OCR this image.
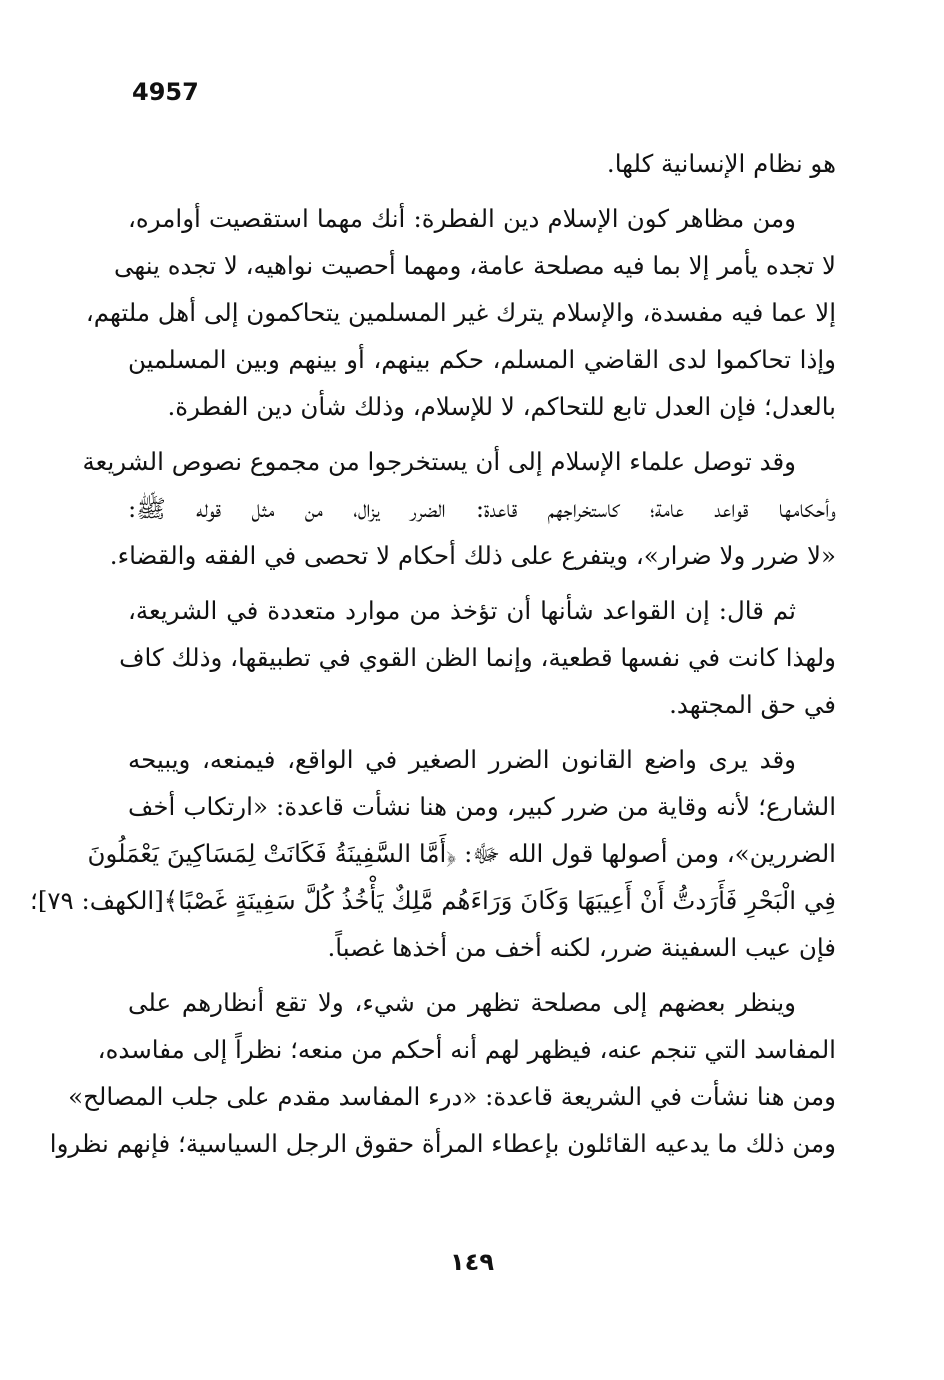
4957
هو نظام الإنسانية كلها.
ومن مظاهر كون الإسلام دين الفطرة: أنك مهما استقصيت أوامره،
لا تجده يأمر إلا بما فيه مصلحة عامة، ومهما أحصيت نواهيه، لا تجده ينهى
إلا عما فيه مفسدة، والإسلام يترك غير المسلمين يتحاكمون إلى أهل ملتهم،
وإذا تحاكموا لدى القاضي المسلم، حكم بينهم، أو بينهم وبين المسلمين
بالعدل؛ فإن العدل تابع للتحاكم، لا للإسلام، وذلك شأن دين الفطرة.
وقد توصل علماء الإسلام إلى أن يستخرجوا من مجموع نصوص الشريعة
وأحكامها قواعد عامة؛ كاستخراجهم قاعدة: الضرر يزال، من مثل قوله ﷺ:
«لا ضرر ولا ضرار»، ويتفرع على ذلك أحكام لا تحصى في الفقه والقضاء.
ثم قال: إن القواعد شأنها أن تؤخذ من موارد متعددة في الشريعة،
ولهذا كانت في نفسها قطعية، وإنما الظن القوي في تطبيقها، وذلك كاف
في حق المجتهد.
وقد يرى واضع القانون الضرر الصغير في الواقع، فيمنعه، ويبيحه
الشارع؛ لأنه وقاية من ضرر كبير، ومن هنا نشأت قاعدة: «ارتكاب أخف
الضررين»، ومن أصولها قول الله ﷻ: ﴿أَمَّا السَّفِينَةُ فَكَانَتْ لِمَسَاكِينَ يَعْمَلُونَ
فِي الْبَحْرِ فَأَرَدتُّ أَنْ أَعِيبَهَا وَكَانَ وَرَاءَهُم مَّلِكٌ يَأْخُذُ كُلَّ سَفِينَةٍ غَصْبًا﴾[الكهف: ٧٩]؛
فإن عيب السفينة ضرر، لكنه أخف من أخذها غصباً.
وينظر بعضهم إلى مصلحة تظهر من شيء، ولا تقع أنظارهم على
المفاسد التي تنجم عنه، فيظهر لهم أنه أحكم من منعه؛ نظراً إلى مفاسده،
ومن هنا نشأت في الشريعة قاعدة: «درء المفاسد مقدم على جلب المصالح»
ومن ذلك ما يدعيه القائلون بإعطاء المرأة حقوق الرجل السياسية؛ فإنهم نظروا
١٤٩
